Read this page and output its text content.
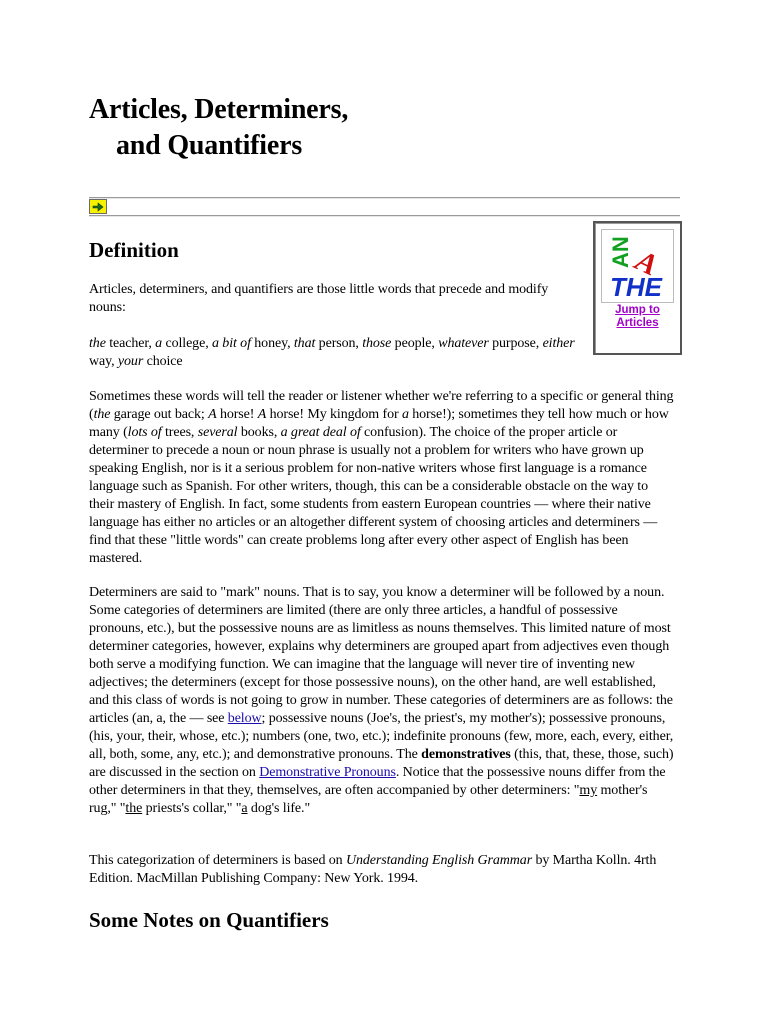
Articles, Determiners,
and Quantifiers
Definition	AN
A
THE
Jump to
Articles

Articles, determiners, and quantifiers are those little words that precede and modify nouns:

the teacher, a college, a bit of honey, that person, those people, whatever purpose, either way, your choice

Sometimes these words will tell the reader or listener whether we're referring to a specific or general thing (the garage out back; A horse! A horse! My kingdom for a horse!); sometimes they tell how much or how many (lots of trees, several books, a great deal of confusion). The choice of the proper article or determiner to precede a noun or noun phrase is usually not a problem for writers who have grown up speaking English, nor is it a serious problem for non-native writers whose first language is a romance language such as Spanish. For other writers, though, this can be a considerable obstacle on the way to their mastery of English. In fact, some students from eastern European countries — where their native language has either no articles or an altogether different system of choosing articles and determiners — find that these "little words" can create problems long after every other aspect of English has been mastered.

Determiners are said to "mark" nouns. That is to say, you know a determiner will be followed by a noun. Some categories of determiners are limited (there are only three articles, a handful of possessive pronouns, etc.), but the possessive nouns are as limitless as nouns themselves. This limited nature of most determiner categories, however, explains why determiners are grouped apart from adjectives even though both serve a modifying function. We can imagine that the language will never tire of inventing new adjectives; the determiners (except for those possessive nouns), on the other hand, are well established, and this class of words is not going to grow in number. These categories of determiners are as follows: the articles (an, a, the — see below; possessive nouns (Joe's, the priest's, my mother's); possessive pronouns, (his, your, their, whose, etc.); numbers (one, two, etc.); indefinite pronouns (few, more, each, every, either, all, both, some, any, etc.); and demonstrative pronouns. The demonstratives (this, that, these, those, such) are discussed in the section on Demonstrative Pronouns. Notice that the possessive nouns differ from the other determiners in that they, themselves, are often accompanied by other determiners: "my mother's rug," "the priests's collar," "a dog's life."

This categorization of determiners is based on Understanding English Grammar by Martha Kolln. 4rth Edition. MacMillan Publishing Company: New York. 1994.

Some Notes on Quantifiers
